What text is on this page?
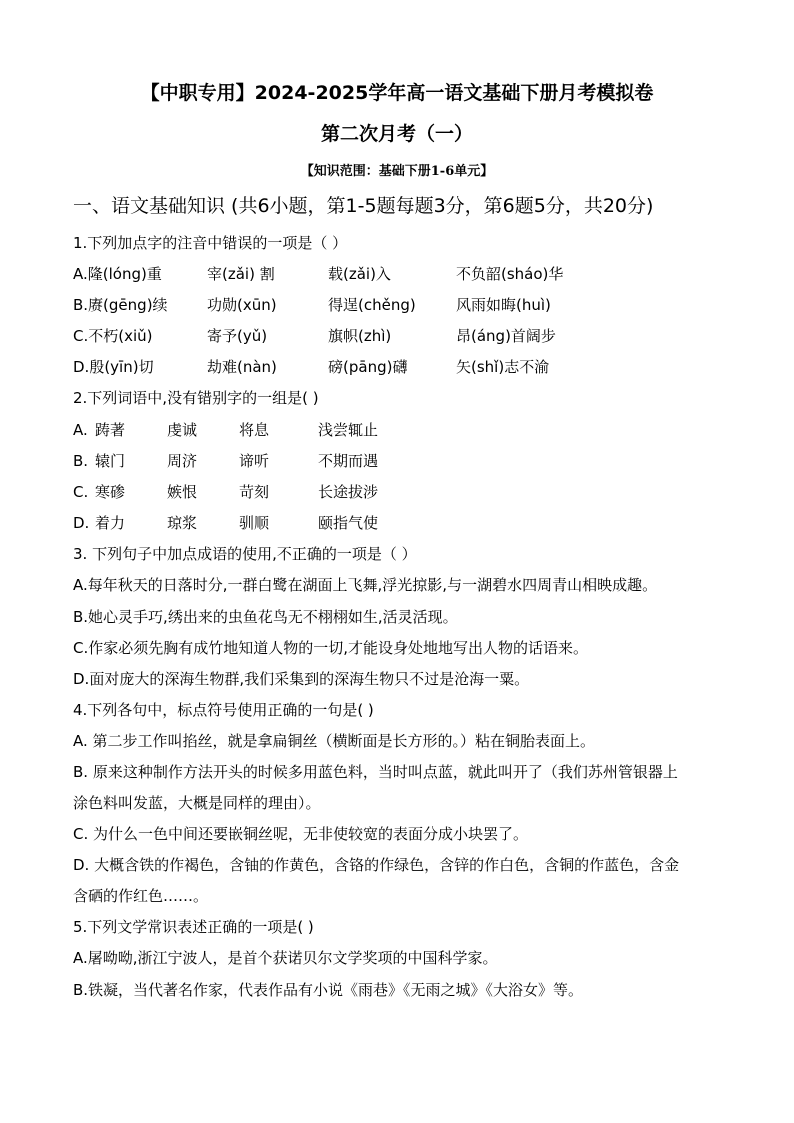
【中职专用】2024-2025学年高一语文基础下册月考模拟卷
第二次月考（一）
【知识范围：基础下册1-6单元】
一、语文基础知识 (共6小题，第1-5题每题3分，第6题5分，共20分)
1.下列加点字的注音中错误的一项是（ ）
A.隆(lóng)重	宰(zǎi) 割	载(zǎi)入	不负韶(sháo)华
B.赓(gēng)续	功勋(xūn)	得逞(chěng)	风雨如晦(huì)
C.不朽(xiǔ)	寄予(yǔ)	旗帜(zhì)	昂(áng)首阔步
D.殷(yīn)切	劫难(nàn)	磅(pāng)礴	矢(shǐ)志不渝
2.下列词语中,没有错别字的一组是( )
A. 踌著	虔诚	将息	浅尝辄止
B. 辕门	周济	谛听	不期而遇
C. 寒碜	嫉恨	苛刻	长途拔涉
D. 着力	琼浆	驯顺	颐指气使
3. 下列句子中加点成语的使用,不正确的一项是（ ）
A.每年秋天的日落时分,一群白鹭在湖面上飞舞,浮光掠影,与一湖碧水四周青山相映成趣。
B.她心灵手巧,绣出来的虫鱼花鸟无不栩栩如生,活灵活现。
C.作家必须先胸有成竹地知道人物的一切,才能设身处地地写出人物的话语来。
D.面对庞大的深海生物群,我们采集到的深海生物只不过是沧海一粟。
4.下列各句中，标点符号使用正确的一句是( )
A. 第二步工作叫掐丝，就是拿扁铜丝（横断面是长方形的。）粘在铜胎表面上。
B. 原来这种制作方法开头的时候多用蓝色料，当时叫点蓝，就此叫开了（我们苏州管银器上
涂色料叫发蓝，大概是同样的理由）。
C. 为什么一色中间还要嵌铜丝呢，无非使较宽的表面分成小块罢了。
D. 大概含铁的作褐色，含铀的作黄色，含铬的作绿色，含锌的作白色，含铜的作蓝色，含金
含硒的作红色……。
5.下列文学常识表述正确的一项是( )
A.屠呦呦,浙江宁波人，是首个获诺贝尔文学奖项的中国科学家。
B.铁凝，当代著名作家，代表作品有小说《雨巷》《无雨之城》《大浴女》等。
